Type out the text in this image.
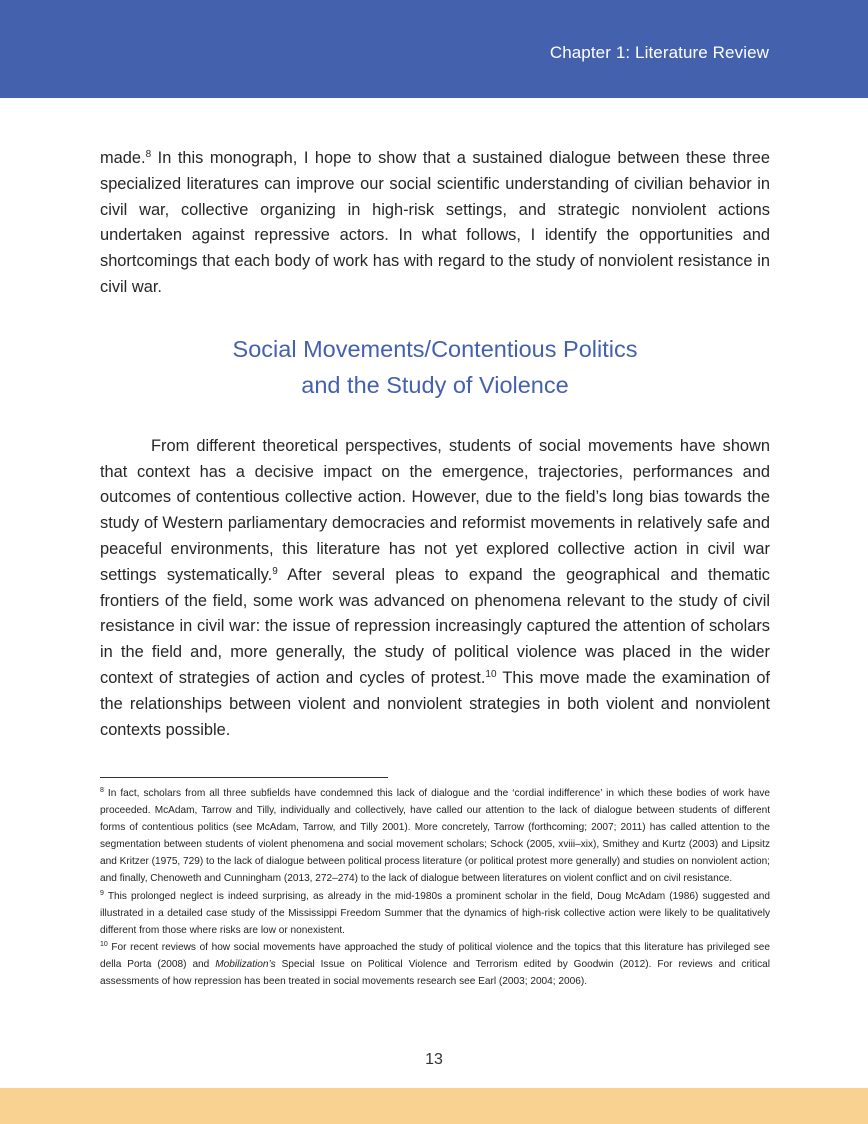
Chapter 1: Literature Review

made.$^8$ In this monograph, I hope to show that a sustained dialogue between these three specialized literatures can improve our social scientific understanding of civilian behavior in civil war, collective organizing in high-risk settings, and strategic nonviolent actions undertaken against repressive actors. In what follows, I identify the opportunities and shortcomings that each body of work has with regard to the study of nonviolent resistance in civil war.

Social Movements/Contentious Politics
and the Study of Violence

From different theoretical perspectives, students of social movements have shown that context has a decisive impact on the emergence, trajectories, performances and outcomes of contentious collective action. However, due to the field’s long bias towards the study of Western parliamentary democracies and reformist movements in relatively safe and peaceful environments, this literature has not yet explored collective action in civil war settings systematically.$^9$ After several pleas to expand the geographical and thematic frontiers of the field, some work was advanced on phenomena relevant to the study of civil resistance in civil war: the issue of repression increasingly captured the attention of scholars in the field and, more generally, the study of political violence was placed in the wider context of strategies of action and cycles of protest.$^{10}$ This move made the examination of the relationships between violent and nonviolent strategies in both violent and nonviolent contexts possible.

$^8$ In fact, scholars from all three subfields have condemned this lack of dialogue and the ‘cordial indifference’ in which these bodies of work have proceeded. McAdam, Tarrow and Tilly, individually and collectively, have called our attention to the lack of dialogue between students of different forms of contentious politics (see McAdam, Tarrow, and Tilly 2001). More concretely, Tarrow (forthcoming; 2007; 2011) has called attention to the segmentation between students of violent phenomena and social movement scholars; Schock (2005, xviii–xix), Smithey and Kurtz (2003) and Lipsitz and Kritzer (1975, 729) to the lack of dialogue between political process literature (or political protest more generally) and studies on nonviolent action; and finally, Chenoweth and Cunningham (2013, 272–274) to the lack of dialogue between literatures on violent conflict and on civil resistance.

$^9$ This prolonged neglect is indeed surprising, as already in the mid-1980s a prominent scholar in the field, Doug McAdam (1986) suggested and illustrated in a detailed case study of the Mississippi Freedom Summer that the dynamics of high-risk collective action were likely to be qualitatively different from those where risks are low or nonexistent.

$^{10}$ For recent reviews of how social movements have approached the study of political violence and the topics that this literature has privileged see della Porta (2008) and Mobilization’s Special Issue on Political Violence and Terrorism edited by Goodwin (2012). For reviews and critical assessments of how repression has been treated in social movements research see Earl (2003; 2004; 2006).

13
